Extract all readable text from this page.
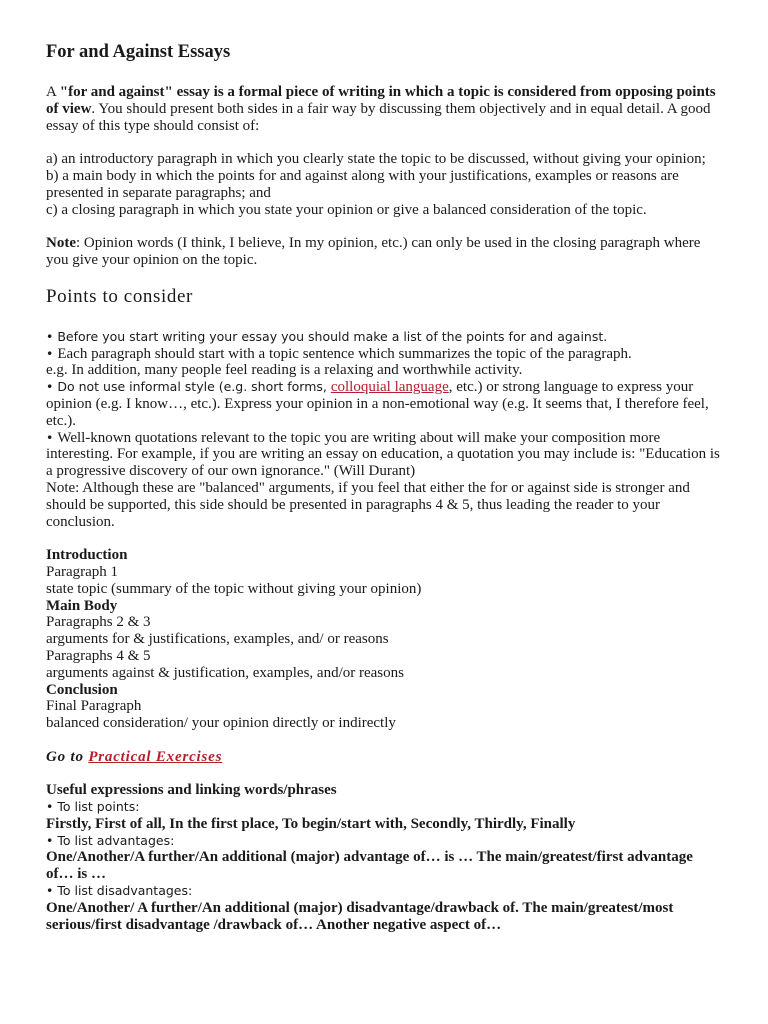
For and Against Essays

A "for and against" essay is a formal piece of writing in which a topic is considered from opposing points of view. You should present both sides in a fair way by discussing them objectively and in equal detail. A good essay of this type should consist of:

a) an introductory paragraph in which you clearly state the topic to be discussed, without giving your opinion;

b) a main body in which the points for and against along with your justifications, examples or reasons are presented in separate paragraphs; and

c) a closing paragraph in which you state your opinion or give a balanced consideration of the topic.

Note: Opinion words (I think, I believe, In my opinion, etc.) can only be used in the closing paragraph where you give your opinion on the topic.

Points to consider

• Before you start writing your essay you should make a list of the points for and against.

• Each paragraph should start with a topic sentence which summarizes the topic of the paragraph.

e.g. In addition, many people feel reading is a relaxing and worthwhile activity.

• Do not use informal style (e.g. short forms, colloquial language, etc.) or strong language to express your opinion (e.g. I know…, etc.). Express your opinion in a non-emotional way (e.g. It seems that, I therefore feel, etc.).

• Well-known quotations relevant to the topic you are writing about will make your composition more interesting. For example, if you are writing an essay on education, a quotation you may include is: "Education is a progressive discovery of our own ignorance." (Will Durant)

Note: Although these are "balanced" arguments, if you feel that either the for or against side is stronger and should be supported, this side should be presented in paragraphs 4 & 5, thus leading the reader to your conclusion.

Introduction

Paragraph 1

state topic (summary of the topic without giving your opinion)

Main Body

Paragraphs 2 & 3

arguments for & justifications, examples, and/ or reasons

Paragraphs 4 & 5

arguments against & justification, examples, and/or reasons

Conclusion

Final Paragraph

balanced consideration/ your opinion directly or indirectly

Go to Practical Exercises

Useful expressions and linking words/phrases

• To list points:

Firstly, First of all, In the first place, To begin/start with, Secondly, Thirdly, Finally

• To list advantages:

One/Another/A further/An additional (major) advantage of… is … The main/greatest/first advantage of… is …

• To list disadvantages:

One/Another/ A further/An additional (major) disadvantage/drawback of. The main/greatest/most serious/first disadvantage /drawback of… Another negative aspect of…
